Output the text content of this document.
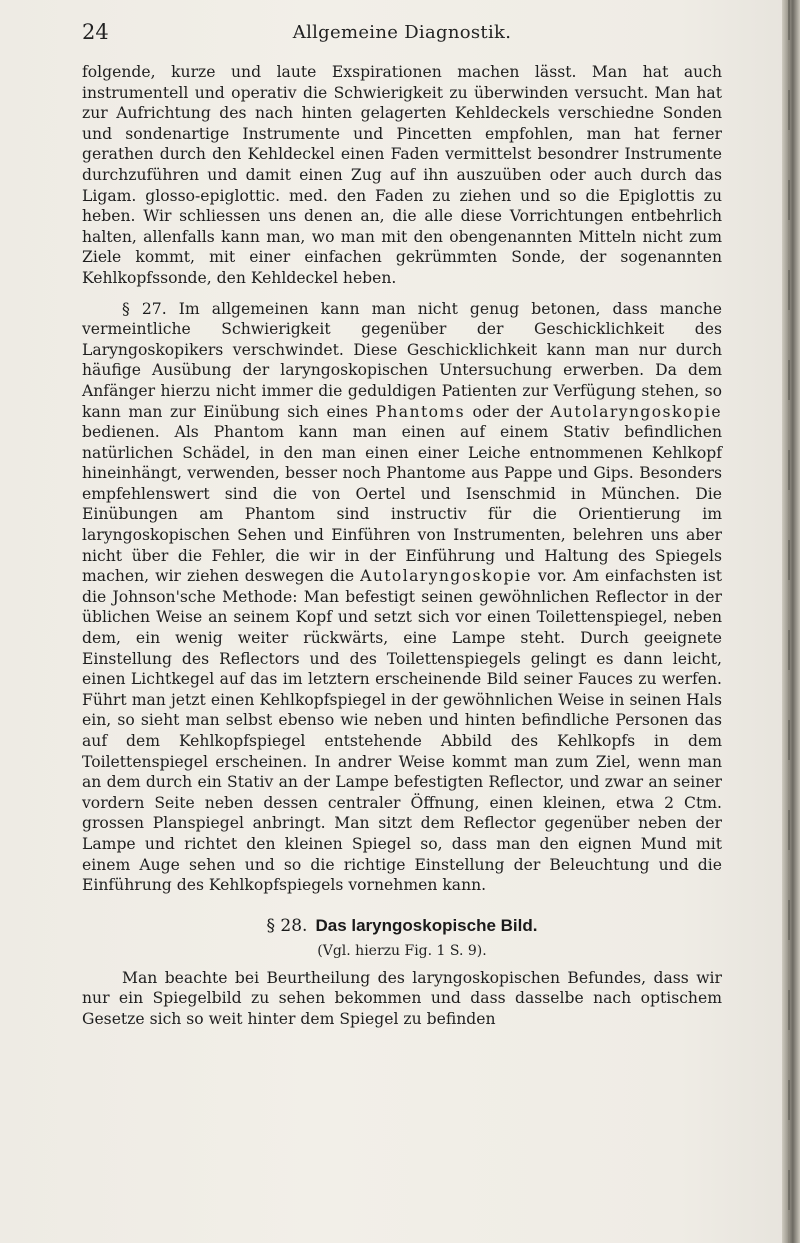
24	Allgemeine Diagnostik.

folgende, kurze und laute Exspirationen machen lässt. Man hat auch instrumentell und operativ die Schwierigkeit zu überwinden versucht. Man hat zur Aufrichtung des nach hinten gelagerten Kehldeckels verschiedne Sonden und sondenartige Instrumente und Pincetten empfohlen, man hat ferner gerathen durch den Kehldeckel einen Faden vermittelst besondrer Instrumente durchzuführen und damit einen Zug auf ihn auszuüben oder auch durch das Ligam. glosso-epiglottic. med. den Faden zu ziehen und so die Epiglottis zu heben. Wir schliessen uns denen an, die alle diese Vorrichtungen entbehrlich halten, allenfalls kann man, wo man mit den obengenannten Mitteln nicht zum Ziele kommt, mit einer einfachen gekrümmten Sonde, der sogenannten Kehlkopfssonde, den Kehldeckel heben.

§ 27. Im allgemeinen kann man nicht genug betonen, dass manche vermeintliche Schwierigkeit gegenüber der Geschicklichkeit des Laryngoskopikers verschwindet. Diese Geschicklichkeit kann man nur durch häufige Ausübung der laryngoskopischen Untersuchung erwerben. Da dem Anfänger hierzu nicht immer die geduldigen Patienten zur Verfügung stehen, so kann man zur Einübung sich eines Phantoms oder der Autolaryngoskopie bedienen. Als Phantom kann man einen auf einem Stativ befindlichen natürlichen Schädel, in den man einen einer Leiche entnommenen Kehlkopf hineinhängt, verwenden, besser noch Phantome aus Pappe und Gips. Besonders empfehlenswert sind die von Oertel und Isenschmid in München. Die Einübungen am Phantom sind instructiv für die Orientierung im laryngoskopischen Sehen und Einführen von Instrumenten, belehren uns aber nicht über die Fehler, die wir in der Einführung und Haltung des Spiegels machen, wir ziehen deswegen die Autolaryngoskopie vor. Am einfachsten ist die Johnson'sche Methode: Man befestigt seinen gewöhnlichen Reflector in der üblichen Weise an seinem Kopf und setzt sich vor einen Toilettenspiegel, neben dem, ein wenig weiter rückwärts, eine Lampe steht. Durch geeignete Einstellung des Reflectors und des Toilettenspiegels gelingt es dann leicht, einen Lichtkegel auf das im letztern erscheinende Bild seiner Fauces zu werfen. Führt man jetzt einen Kehlkopfspiegel in der gewöhnlichen Weise in seinen Hals ein, so sieht man selbst ebenso wie neben und hinten befindliche Personen das auf dem Kehlkopfspiegel entstehende Abbild des Kehlkopfs in dem Toilettenspiegel erscheinen. In andrer Weise kommt man zum Ziel, wenn man an dem durch ein Stativ an der Lampe befestigten Reflector, und zwar an seiner vordern Seite neben dessen centraler Öffnung, einen kleinen, etwa 2 Ctm. grossen Planspiegel anbringt. Man sitzt dem Reflector gegenüber neben der Lampe und richtet den kleinen Spiegel so, dass man den eignen Mund mit einem Auge sehen und so die richtige Einstellung der Beleuchtung und die Einführung des Kehlkopfspiegels vornehmen kann.

§ 28. Das laryngoskopische Bild.
(Vgl. hierzu Fig. 1 S. 9).

Man beachte bei Beurtheilung des laryngoskopischen Befundes, dass wir nur ein Spiegelbild zu sehen bekommen und dass dasselbe nach optischem Gesetze sich so weit hinter dem Spiegel zu befinden
